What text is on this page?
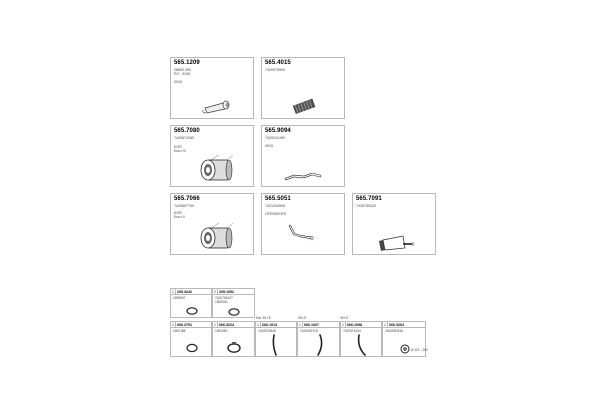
565.1209
28693.300
PO - 8190
0915
565.4015
7420979909
565.7080
7420674280
KOR
Euro IV
565.9094
7420011490
0915
565.7066
7420697730
KOR
Euro V
565.5051
7421254905
GFENSISITE
565.7091
7426755320
1 205.3242
1590847
2 205.1052
7420794427
1500040
Kat. 35 LE	35 LE	35 LE
1 666.3791
1500188
1 666.3224
1500450
1 666.1013
7420574848
1 666.1007
7420509725
1 666.1098
7420574434
1 666.3264
2400590338
Ø 113 - 250
